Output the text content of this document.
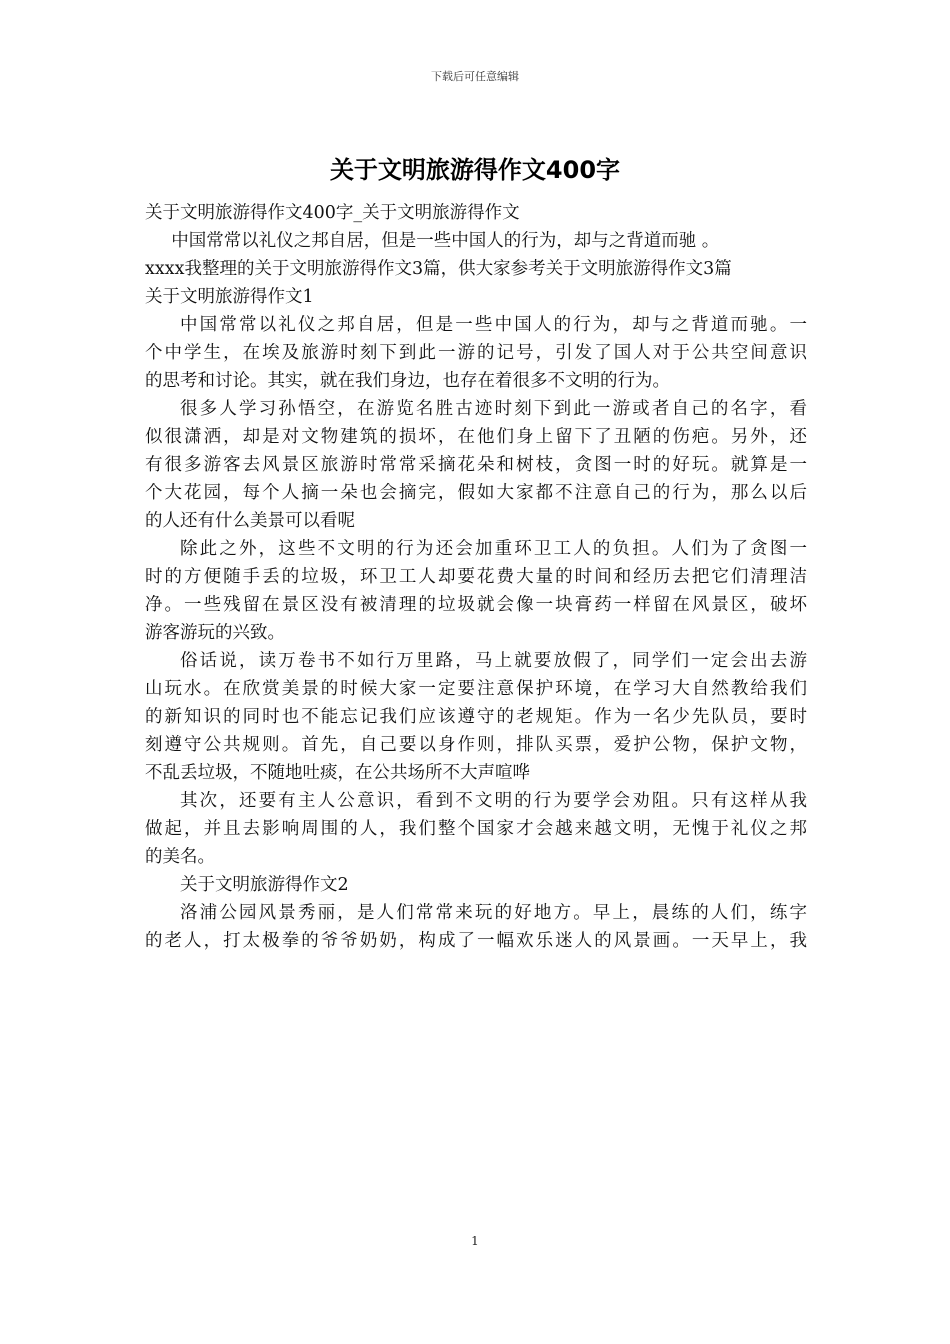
下载后可任意编辑
关于文明旅游得作文400字
关于文明旅游得作文400字_关于文明旅游得作文
中国常常以礼仪之邦自居，但是一些中国人的行为，却与之背道而驰 。
xxxx我整理的关于文明旅游得作文3篇，供大家参考关于文明旅游得作文3篇
关于文明旅游得作文1
中国常常以礼仪之邦自居，但是一些中国人的行为，却与之背道而驰。一
个中学生，在埃及旅游时刻下到此一游的记号，引发了国人对于公共空间意识
的思考和讨论。其实，就在我们身边，也存在着很多不文明的行为。
很多人学习孙悟空，在游览名胜古迹时刻下到此一游或者自己的名字，看
似很潇洒，却是对文物建筑的损坏，在他们身上留下了丑陋的伤疤。另外，还
有很多游客去风景区旅游时常常采摘花朵和树枝，贪图一时的好玩。就算是一
个大花园，每个人摘一朵也会摘完，假如大家都不注意自己的行为，那么以后
的人还有什么美景可以看呢
除此之外，这些不文明的行为还会加重环卫工人的负担。人们为了贪图一
时的方便随手丢的垃圾，环卫工人却要花费大量的时间和经历去把它们清理洁
净。一些残留在景区没有被清理的垃圾就会像一块膏药一样留在风景区，破坏
游客游玩的兴致。
俗话说，读万卷书不如行万里路，马上就要放假了，同学们一定会出去游
山玩水。在欣赏美景的时候大家一定要注意保护环境，在学习大自然教给我们
的新知识的同时也不能忘记我们应该遵守的老规矩。作为一名少先队员，要时
刻遵守公共规则。首先，自己要以身作则，排队买票，爱护公物，保护文物，
不乱丢垃圾，不随地吐痰，在公共场所不大声喧哗
其次，还要有主人公意识，看到不文明的行为要学会劝阻。只有这样从我
做起，并且去影响周围的人，我们整个国家才会越来越文明，无愧于礼仪之邦
的美名。
关于文明旅游得作文2
洛浦公园风景秀丽，是人们常常来玩的好地方。早上，晨练的人们，练字
的老人，打太极拳的爷爷奶奶，构成了一幅欢乐迷人的风景画。一天早上，我
1
